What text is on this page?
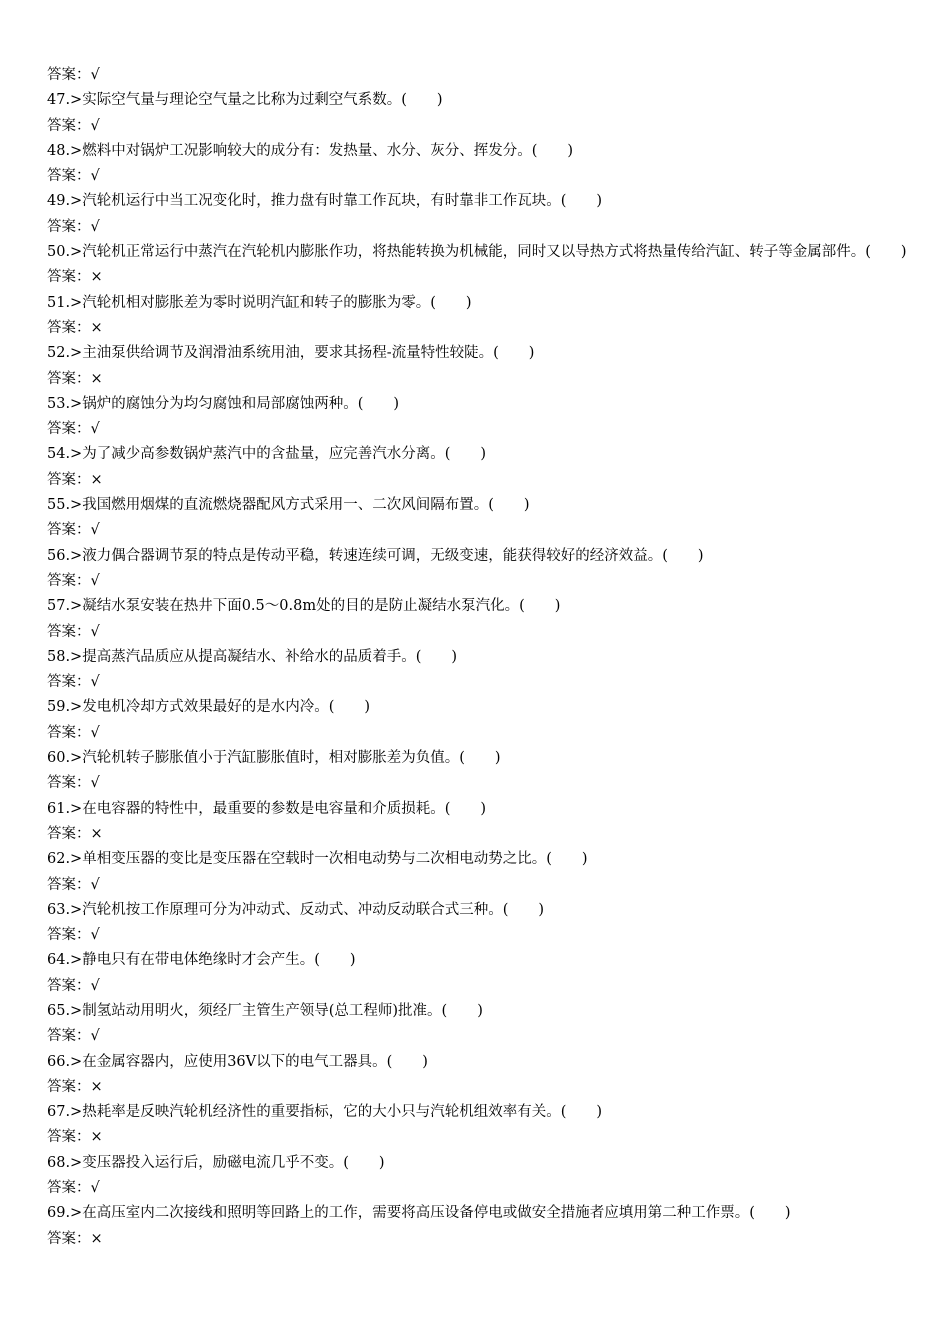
答案：√
47.>实际空气量与理论空气量之比称为过剩空气系数。( )
答案：√
48.>燃料中对锅炉工况影响较大的成分有：发热量、水分、灰分、挥发分。( )
答案：√
49.>汽轮机运行中当工况变化时，推力盘有时靠工作瓦块，有时靠非工作瓦块。( )
答案：√
50.>汽轮机正常运行中蒸汽在汽轮机内膨胀作功，将热能转换为机械能，同时又以导热方式将热量传给汽缸、转子等金属部件。( )
答案：×
51.>汽轮机相对膨胀差为零时说明汽缸和转子的膨胀为零。( )
答案：×
52.>主油泵供给调节及润滑油系统用油，要求其扬程-流量特性较陡。( )
答案：×
53.>锅炉的腐蚀分为均匀腐蚀和局部腐蚀两种。( )
答案：√
54.>为了减少高参数锅炉蒸汽中的含盐量，应完善汽水分离。( )
答案：×
55.>我国燃用烟煤的直流燃烧器配风方式采用一、二次风间隔布置。( )
答案：√
56.>液力偶合器调节泵的特点是传动平稳，转速连续可调，无级变速，能获得较好的经济效益。( )
答案：√
57.>凝结水泵安装在热井下面0.5～0.8m处的目的是防止凝结水泵汽化。( )
答案：√
58.>提高蒸汽品质应从提高凝结水、补给水的品质着手。( )
答案：√
59.>发电机冷却方式效果最好的是水内冷。( )
答案：√
60.>汽轮机转子膨胀值小于汽缸膨胀值时，相对膨胀差为负值。( )
答案：√
61.>在电容器的特性中，最重要的参数是电容量和介质损耗。( )
答案：×
62.>单相变压器的变比是变压器在空载时一次相电动势与二次相电动势之比。( )
答案：√
63.>汽轮机按工作原理可分为冲动式、反动式、冲动反动联合式三种。( )
答案：√
64.>静电只有在带电体绝缘时才会产生。( )
答案：√
65.>制氢站动用明火，须经厂主管生产领导(总工程师)批准。( )
答案：√
66.>在金属容器内，应使用36V以下的电气工器具。( )
答案：×
67.>热耗率是反映汽轮机经济性的重要指标，它的大小只与汽轮机组效率有关。( )
答案：×
68.>变压器投入运行后，励磁电流几乎不变。( )
答案：√
69.>在高压室内二次接线和照明等回路上的工作，需要将高压设备停电或做安全措施者应填用第二种工作票。( )
答案：×
